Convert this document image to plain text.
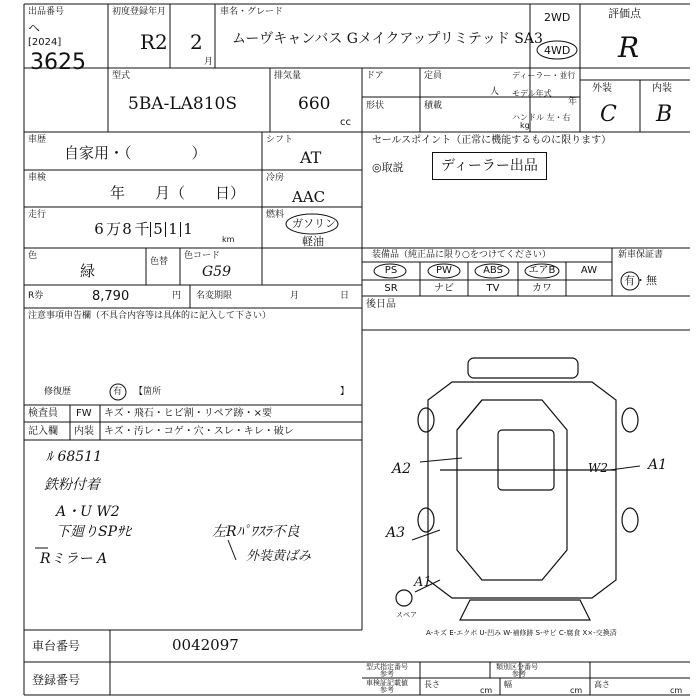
出品番号
ヘ
[2024]
3625
初度登録年月
R2 2
月
車名・グレード
ムーヴキャンバス Gメイクアップリミテッド SA3
2WD
4WD
評価点
R
型式
5BA-LA810S
排気量
660
cc
ドア	定員
人
形状	積載
kg
ディーラー・並行
モデル年式
年
ハンドル 左・右
外装	内装
C B
車歴
自家用・（　　　　）
シフト
AT
車検
年　　月（　　日）
冷房
AAC
走行
6 万 8 千 5 1 1
km
燃料
ガソリン
軽油
色
緑	色替
色コード
G59
R券	8,790	円 名変期限	月	日
セールスポイント（正常に機能するものに限ります）
◎取説	ディーラー出品
装備品（純正品に限り○をつけてください）	新車保証書
有・無
PS	PW	ABS	エアB	AW
SR	ナビ	TV	カワ
後日品
注意事項申告欄（不具合内容等は具体的に記入して下さい）
修復歴	有 【箇所	】
検査員 FW キズ・飛石・ヒビ割・リペア跡・×要
記入欄 内装 キズ・汚レ・コゲ・穴・スレ・キレ・破レ
ﾙ 68511
鉄粉付着
A・U W2
下廻りSPｻﾋ	左Rﾊﾟﾜｽﾗ不良
Rミラー A	外装黄ばみ
A2
A3
A1
W2	A1
スペア
A-キズ E-エクボ U-凹み W-補修跡 S-サビ C-腐食 X×-交換済
車台番号	0042097
登録番号
型式指定番号
参考
類別区分番号
参考
車検証記載値
参考
長さ
cm
幅
cm
高さ
cm
